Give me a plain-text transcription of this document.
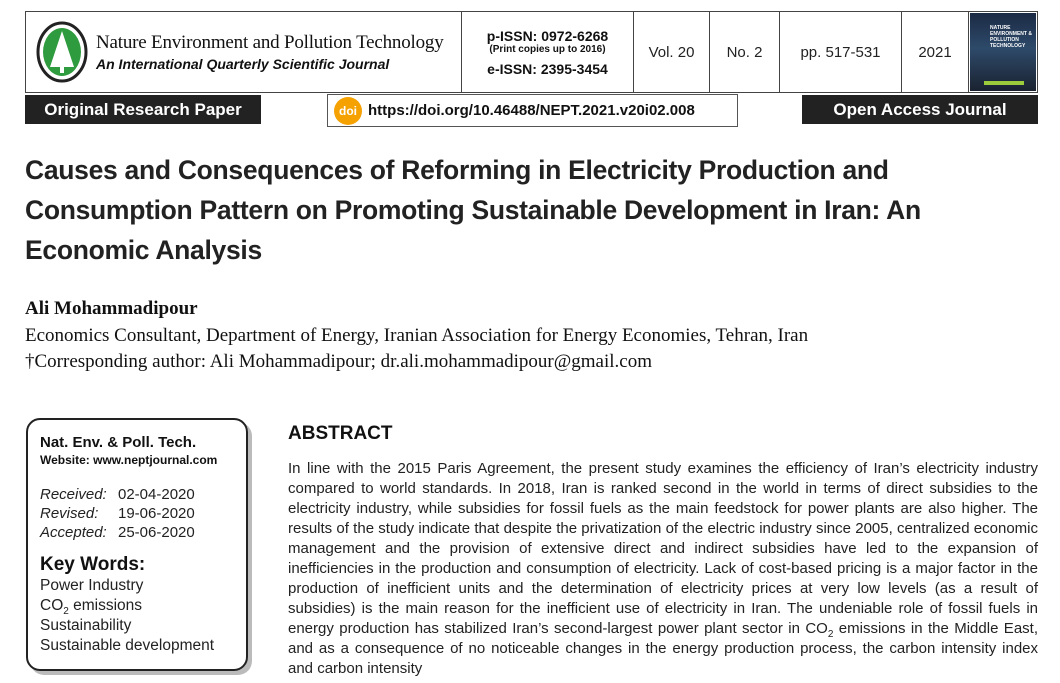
Nature Environment and Pollution Technology
An International Quarterly Scientific Journal
p-ISSN: 0972-6268
(Print copies up to 2016)
e-ISSN: 2395-3454
Vol. 20	No. 2	pp. 517-531	2021
NATURE ENVIRONMENT & POLLUTION TECHNOLOGY
Original Research Paper	doi https://doi.org/10.46488/NEPT.2021.v20i02.008	Open Access Journal
Causes and Consequences of Reforming in Electricity Production and Consumption Pattern on Promoting Sustainable Development in Iran: An Economic Analysis
Ali Mohammadipour
Economics Consultant, Department of Energy, Iranian Association for Energy Economies, Tehran, Iran
†Corresponding author: Ali Mohammadipour; dr.ali.mohammadipour@gmail.com
Nat. Env. & Poll. Tech.
Website: www.neptjournal.com
Received: 02-04-2020
Revised: 19-06-2020
Accepted: 25-06-2020
Key Words:
Power Industry
$CO_2$ emissions
Sustainability
Sustainable development
ABSTRACT
In line with the 2015 Paris Agreement, the present study examines the efficiency of Iran’s electricity industry compared to world standards. In 2018, Iran is ranked second in the world in terms of direct subsidies to the electricity industry, while subsidies for fossil fuels as the main feedstock for power plants are also higher. The results of the study indicate that despite the privatization of the electric industry since 2005, centralized economic management and the provision of extensive direct and indirect subsidies have led to the expansion of inefficiencies in the production and consumption of electricity. Lack of cost-based pricing is a major factor in the production of inefficient units and the determination of electricity prices at very low levels (as a result of subsidies) is the main reason for the inefficient use of electricity in Iran. The undeniable role of fossil fuels in energy production has stabilized Iran’s second-largest power plant sector in $CO_2$ emissions in the Middle East, and as a consequence of no noticeable changes in the energy production process, the carbon intensity index and carbon intensity
